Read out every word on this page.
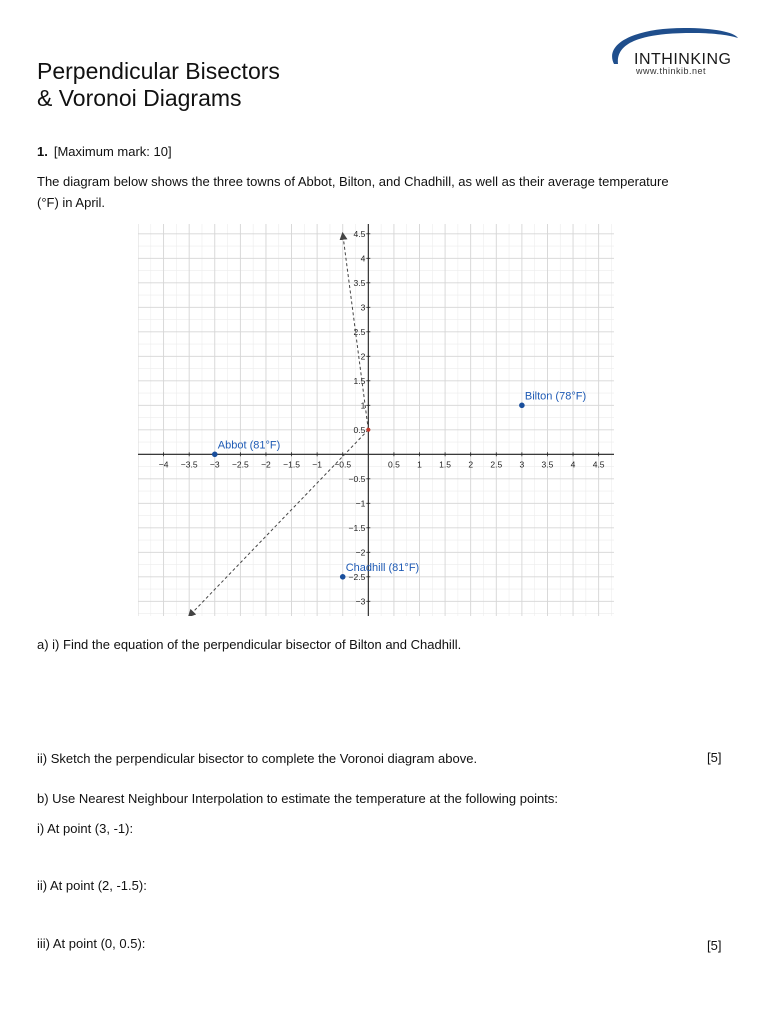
Perpendicular Bisectors
& Voronoi Diagrams
INTHINKING
www.thinkib.net
1. [Maximum mark: 10]
The diagram below shows the three towns of Abbot, Bilton, and Chadhill, as well as their average temperature (°F) in April.
−4 −3.5 −3 −2.5 −2 −1.5 −1 −0.5	0.5 1 1.5 2 2.5 3 3.5 4 4.5
−3
−2.5
−2
−1.5
−1
−0.5
0.5
1
1.5
2
2.5
3
3.5
4
4.5
Abbot (81°F)
Bilton (78°F)
Chadhill (81°F)
a) i) Find the equation of the perpendicular bisector of Bilton and Chadhill.
ii) Sketch the perpendicular bisector to complete the Voronoi diagram above.	[5]
b) Use Nearest Neighbour Interpolation to estimate the temperature at the following points:
i) At point (3, -1):
ii) At point (2, -1.5):
iii) At point (0, 0.5):	[5]
